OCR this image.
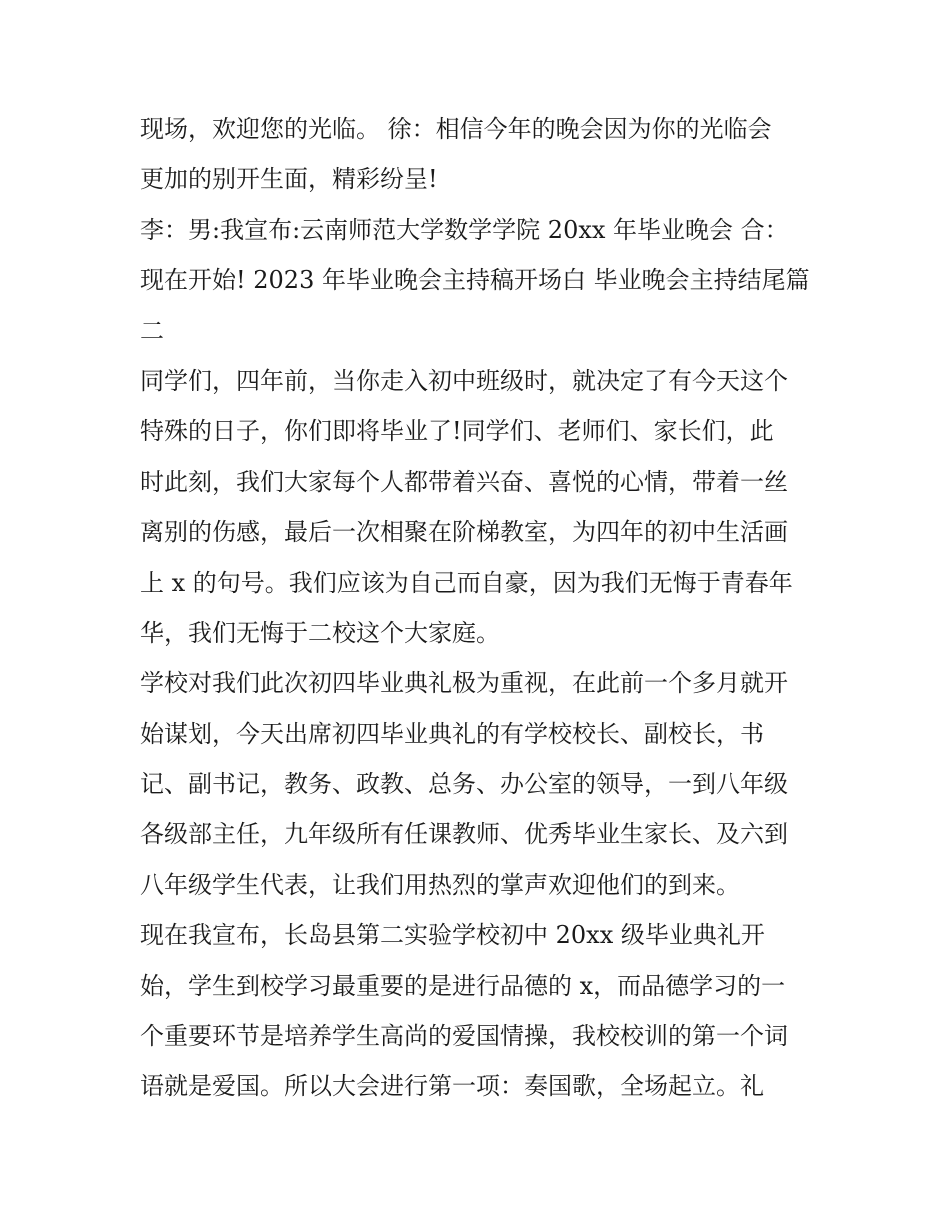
现场，欢迎您的光临。 徐：相信今年的晚会因为你的光临会
更加的别开生面，精彩纷呈!
李：男:我宣布:云南师范大学数学学院 20xx 年毕业晚会 合：
现在开始! 2023 年毕业晚会主持稿开场白 毕业晚会主持结尾篇
二
同学们，四年前，当你走入初中班级时，就决定了有今天这个
特殊的日子，你们即将毕业了!同学们、老师们、家长们，此
时此刻，我们大家每个人都带着兴奋、喜悦的心情，带着一丝
离别的伤感，最后一次相聚在阶梯教室，为四年的初中生活画
上 x 的句号。我们应该为自己而自豪，因为我们无悔于青春年
华，我们无悔于二校这个大家庭。
学校对我们此次初四毕业典礼极为重视，在此前一个多月就开
始谋划，今天出席初四毕业典礼的有学校校长、副校长，书
记、副书记，教务、政教、总务、办公室的领导，一到八年级
各级部主任，九年级所有任课教师、优秀毕业生家长、及六到
八年级学生代表，让我们用热烈的掌声欢迎他们的到来。
现在我宣布，长岛县第二实验学校初中 20xx 级毕业典礼开
始，学生到校学习最重要的是进行品德的 x，而品德学习的一
个重要环节是培养学生高尚的爱国情操，我校校训的第一个词
语就是爱国。所以大会进行第一项：奏国歌，全场起立。礼
